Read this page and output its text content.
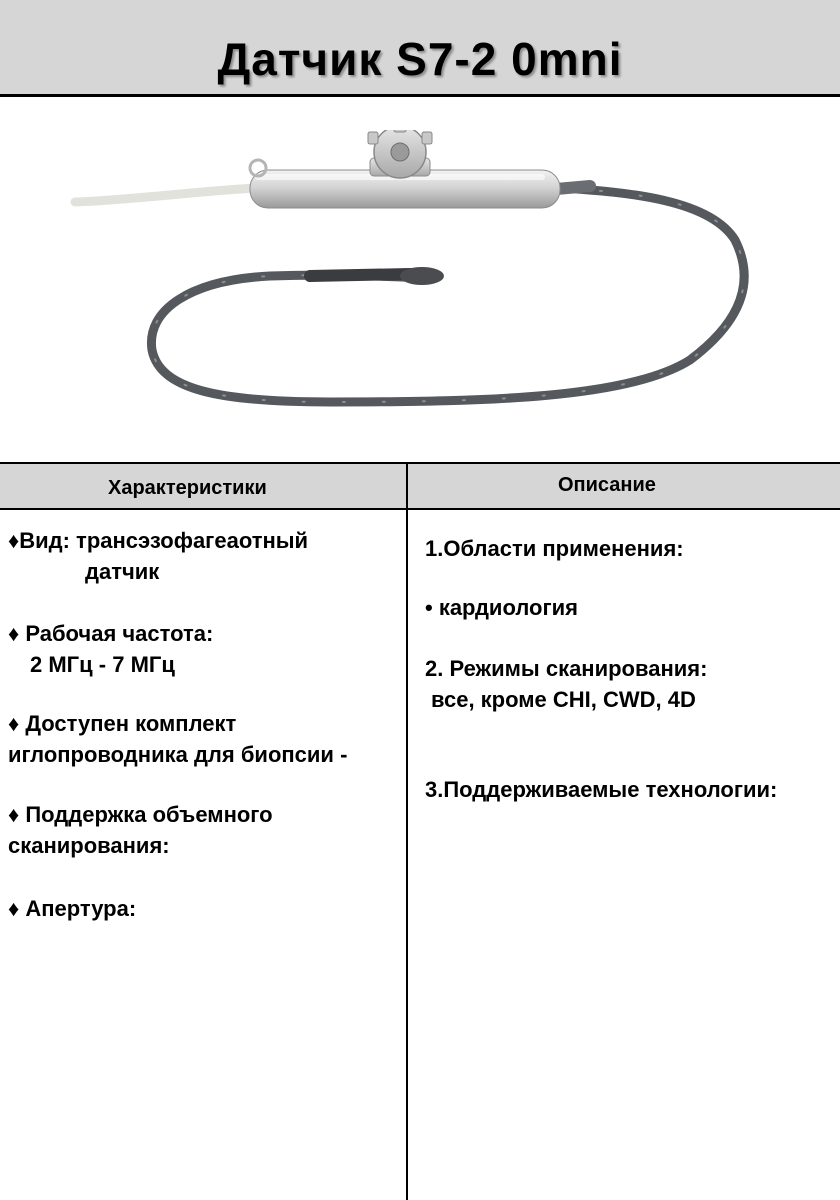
Датчик S7-2 0mni
Характеристики	Описание
♦Вид: трансэзофагеаотный
датчик
♦ Рабочая частота:
2 МГц - 7 МГц
♦ Доступен комплект
иглопроводника для биопсии -
♦ Поддержка объемного
сканирования:
♦ Апертура:
1.Области применения:
• кардиология
2. Режимы сканирования:
все, кроме CHI, CWD, 4D
3.Поддерживаемые технологии:
